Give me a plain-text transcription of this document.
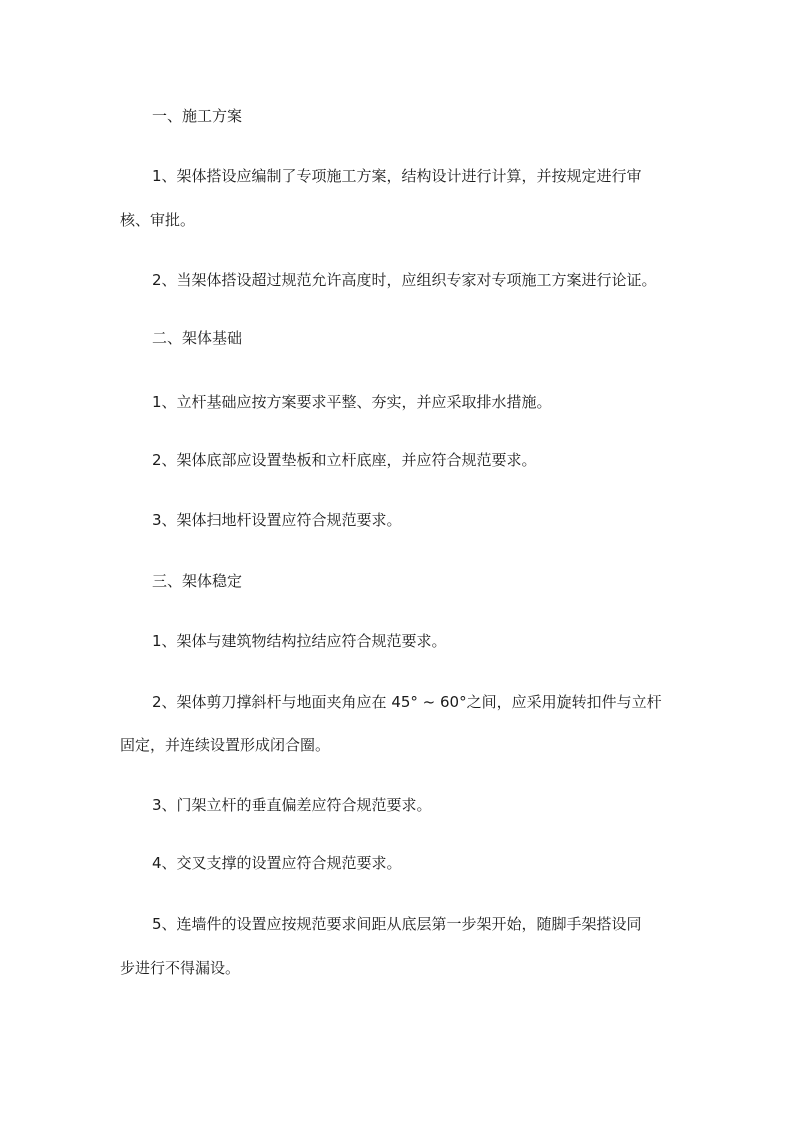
一、施工方案
1、架体搭设应编制了专项施工方案，结构设计进行计算，并按规定进行审
核、审批。
2、当架体搭设超过规范允许高度时，应组织专家对专项施工方案进行论证。
二、架体基础
1、立杆基础应按方案要求平整、夯实，并应采取排水措施。
2、架体底部应设置垫板和立杆底座，并应符合规范要求。
3、架体扫地杆设置应符合规范要求。
三、架体稳定
1、架体与建筑物结构拉结应符合规范要求。
2、架体剪刀撑斜杆与地面夹角应在 45° ~ 60°之间，应采用旋转扣件与立杆
固定，并连续设置形成闭合圈。
3、门架立杆的垂直偏差应符合规范要求。
4、交叉支撑的设置应符合规范要求。
5、连墙件的设置应按规范要求间距从底层第一步架开始，随脚手架搭设同
步进行不得漏设。
